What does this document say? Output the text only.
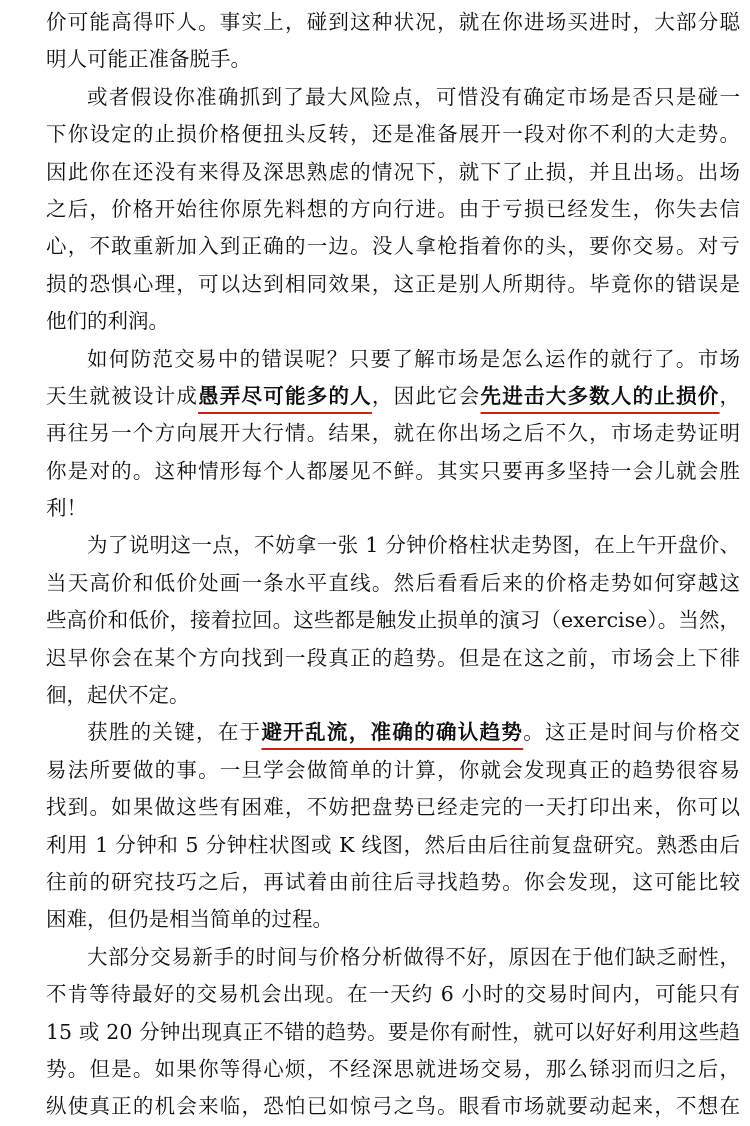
价可能高得吓人。事实上，碰到这种状况，就在你进场买进时，大部分聪
明人可能正准备脱手。
或者假设你准确抓到了最大风险点，可惜没有确定市场是否只是碰一
下你设定的止损价格便扭头反转，还是准备展开一段对你不利的大走势。
因此你在还没有来得及深思熟虑的情况下，就下了止损，并且出场。出场
之后，价格开始往你原先料想的方向行进。由于亏损已经发生，你失去信
心，不敢重新加入到正确的一边。没人拿枪指着你的头，要你交易。对亏
损的恐惧心理，可以达到相同效果，这正是别人所期待。毕竟你的错误是
他们的利润。
如何防范交易中的错误呢？只要了解市场是怎么运作的就行了。市场
天生就被设计成愚弄尽可能多的人，因此它会先进击大多数人的止损价，
再往另一个方向展开大行情。结果，就在你出场之后不久，市场走势证明
你是对的。这种情形每个人都屡见不鲜。其实只要再多坚持一会儿就会胜
利！
为了说明这一点，不妨拿一张 1 分钟价格柱状走势图，在上午开盘价、
当天高价和低价处画一条水平直线。然后看看后来的价格走势如何穿越这
些高价和低价，接着拉回。这些都是触发止损单的演习（exercise）。当然，
迟早你会在某个方向找到一段真正的趋势。但是在这之前，市场会上下徘
徊，起伏不定。
获胜的关键，在于避开乱流，准确的确认趋势。这正是时间与价格交
易法所要做的事。一旦学会做简单的计算，你就会发现真正的趋势很容易
找到。如果做这些有困难，不妨把盘势已经走完的一天打印出来，你可以
利用 1 分钟和 5 分钟柱状图或 K 线图，然后由后往前复盘研究。熟悉由后
往前的研究技巧之后，再试着由前往后寻找趋势。你会发现，这可能比较
困难，但仍是相当简单的过程。
大部分交易新手的时间与价格分析做得不好，原因在于他们缺乏耐性，
不肯等待最好的交易机会出现。在一天约 6 小时的交易时间内，可能只有
15 或 20 分钟出现真正不错的趋势。要是你有耐性，就可以好好利用这些趋
势。但是。如果你等得心烦，不经深思就进场交易，那么铩羽而归之后，
纵使真正的机会来临，恐怕已如惊弓之鸟。眼看市场就要动起来，不想在
